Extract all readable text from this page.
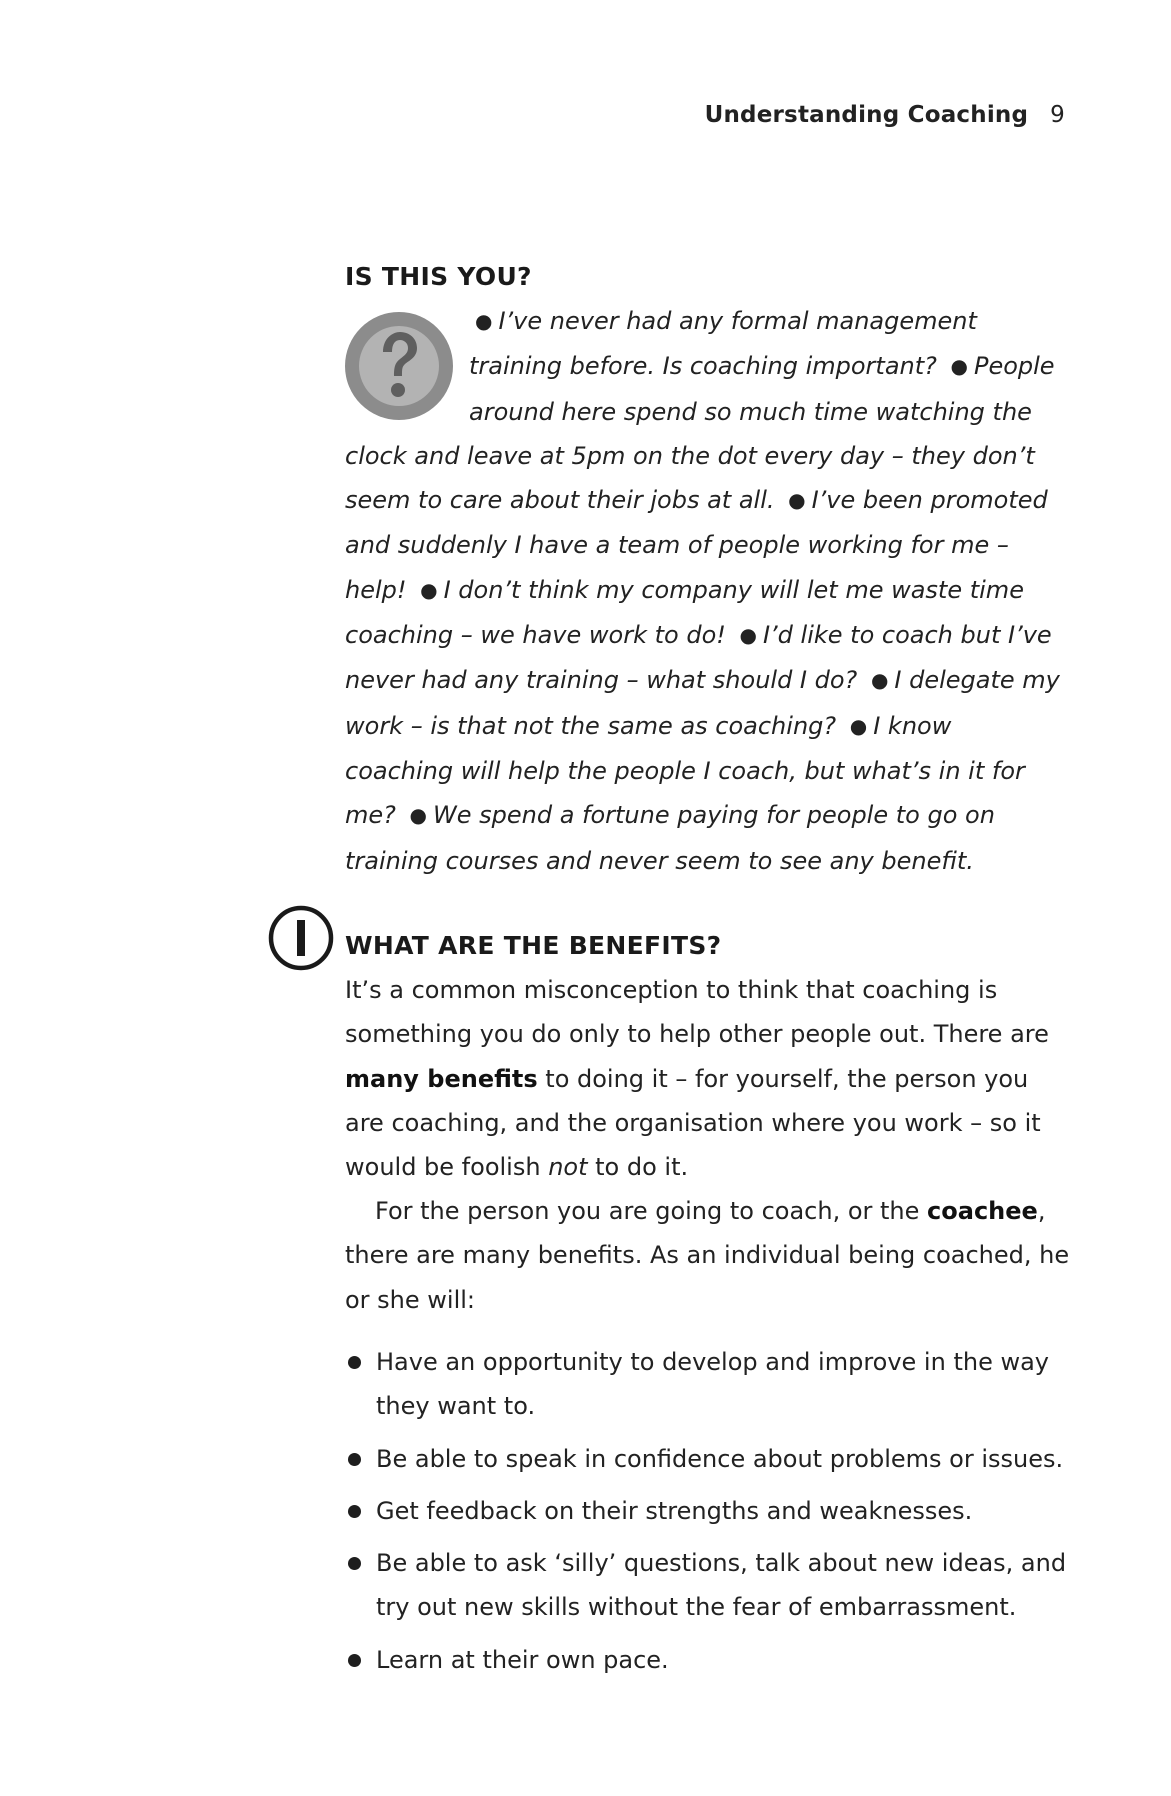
Understanding Coaching 9
IS THIS YOU?

● I’ve never had any formal management training before. Is coaching important? ● People around here spend so much time watching the clock and leave at 5pm on the dot every day – they don’t seem to care about their jobs at all. ● I’ve been promoted and suddenly I have a team of people working for me – help! ● I don’t think my company will let me waste time coaching – we have work to do! ● I’d like to coach but I’ve never had any training – what should I do? ● I delegate my work – is that not the same as coaching? ● I know coaching will help the people I coach, but what’s in it for me? ● We spend a fortune paying for people to go on training courses and never seem to see any benefit.

WHAT ARE THE BENEFITS?

It’s a common misconception to think that coaching is something you do only to help other people out. There are many benefits to doing it – for yourself, the person you are coaching, and the organisation where you work – so it would be foolish not to do it.

For the person you are going to coach, or the coachee, there are many benefits. As an individual being coached, he or she will:

Have an opportunity to develop and improve in the way they want to.
Be able to speak in confidence about problems or issues.
Get feedback on their strengths and weaknesses.
Be able to ask ‘silly’ questions, talk about new ideas, and try out new skills without the fear of embarrassment.
Learn at their own pace.
